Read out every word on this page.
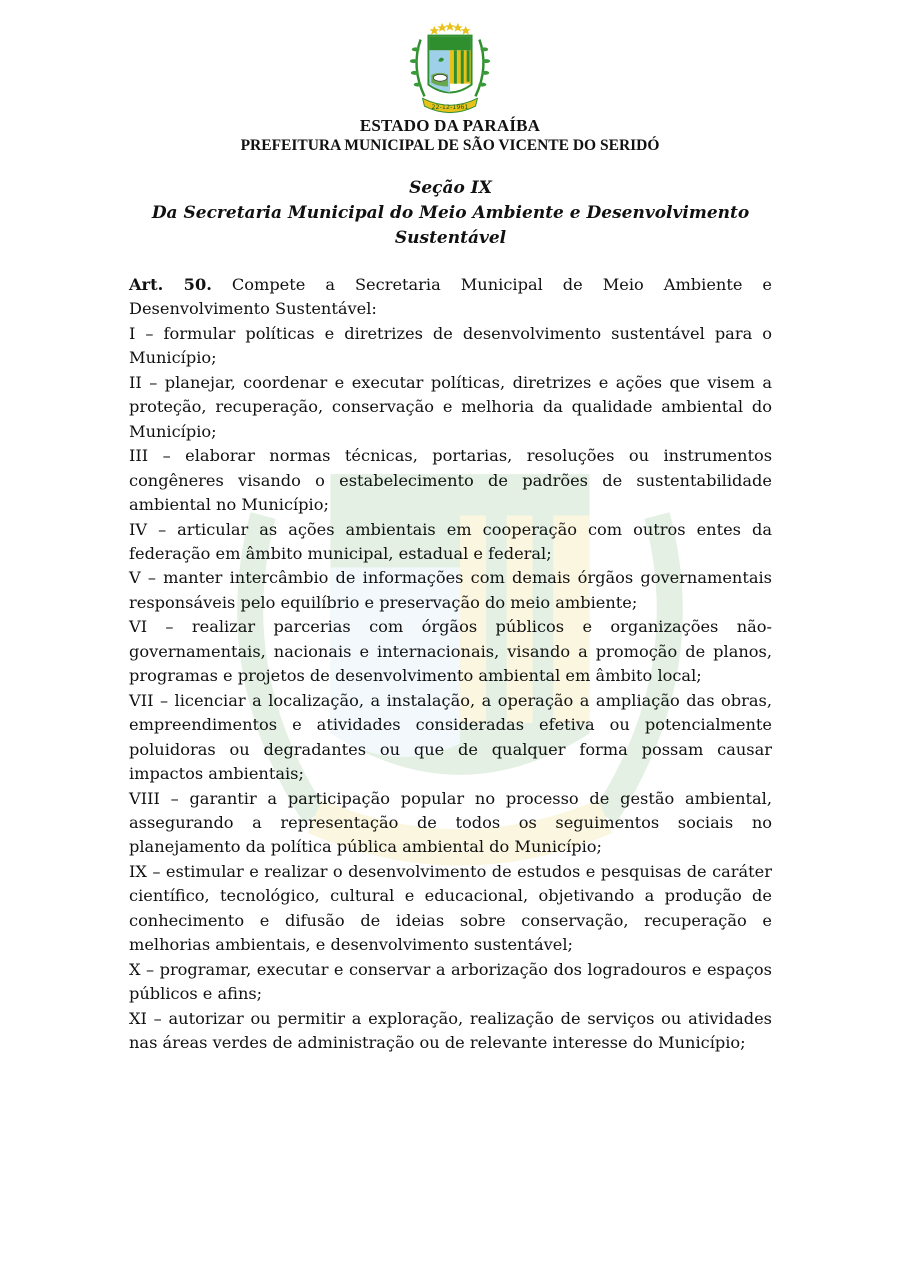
22-12-1961
ESTADO DA PARAÍBA
PREFEITURA MUNICIPAL DE SÃO VICENTE DO SERIDÓ
Seção IX
Da Secretaria Municipal do Meio Ambiente e Desenvolvimento Sustentável

Art. 50. Compete a Secretaria Municipal de Meio Ambiente e Desenvolvimento Sustentável:

I – formular políticas e diretrizes de desenvolvimento sustentável para o Município;

II – planejar, coordenar e executar políticas, diretrizes e ações que visem a proteção, recuperação, conservação e melhoria da qualidade ambiental do Município;

III – elaborar normas técnicas, portarias, resoluções ou instrumentos congêneres visando o estabelecimento de padrões de sustentabilidade ambiental no Município;

IV – articular as ações ambientais em cooperação com outros entes da federação em âmbito municipal, estadual e federal;

V – manter intercâmbio de informações com demais órgãos governamentais responsáveis pelo equilíbrio e preservação do meio ambiente;

VI – realizar parcerias com órgãos públicos e organizações não-governamentais, nacionais e internacionais, visando a promoção de planos, programas e projetos de desenvolvimento ambiental em âmbito local;

VII – licenciar a localização, a instalação, a operação a ampliação das obras, empreendimentos e atividades consideradas efetiva ou potencialmente poluidoras ou degradantes ou que de qualquer forma possam causar impactos ambientais;

VIII – garantir a participação popular no processo de gestão ambiental, assegurando a representação de todos os seguimentos sociais no planejamento da política pública ambiental do Município;

IX – estimular e realizar o desenvolvimento de estudos e pesquisas de caráter científico, tecnológico, cultural e educacional, objetivando a produção de conhecimento e difusão de ideias sobre conservação, recuperação e melhorias ambientais, e desenvolvimento sustentável;

X – programar, executar e conservar a arborização dos logradouros e espaços públicos e afins;

XI – autorizar ou permitir a exploração, realização de serviços ou atividades nas áreas verdes de administração ou de relevante interesse do Município;
